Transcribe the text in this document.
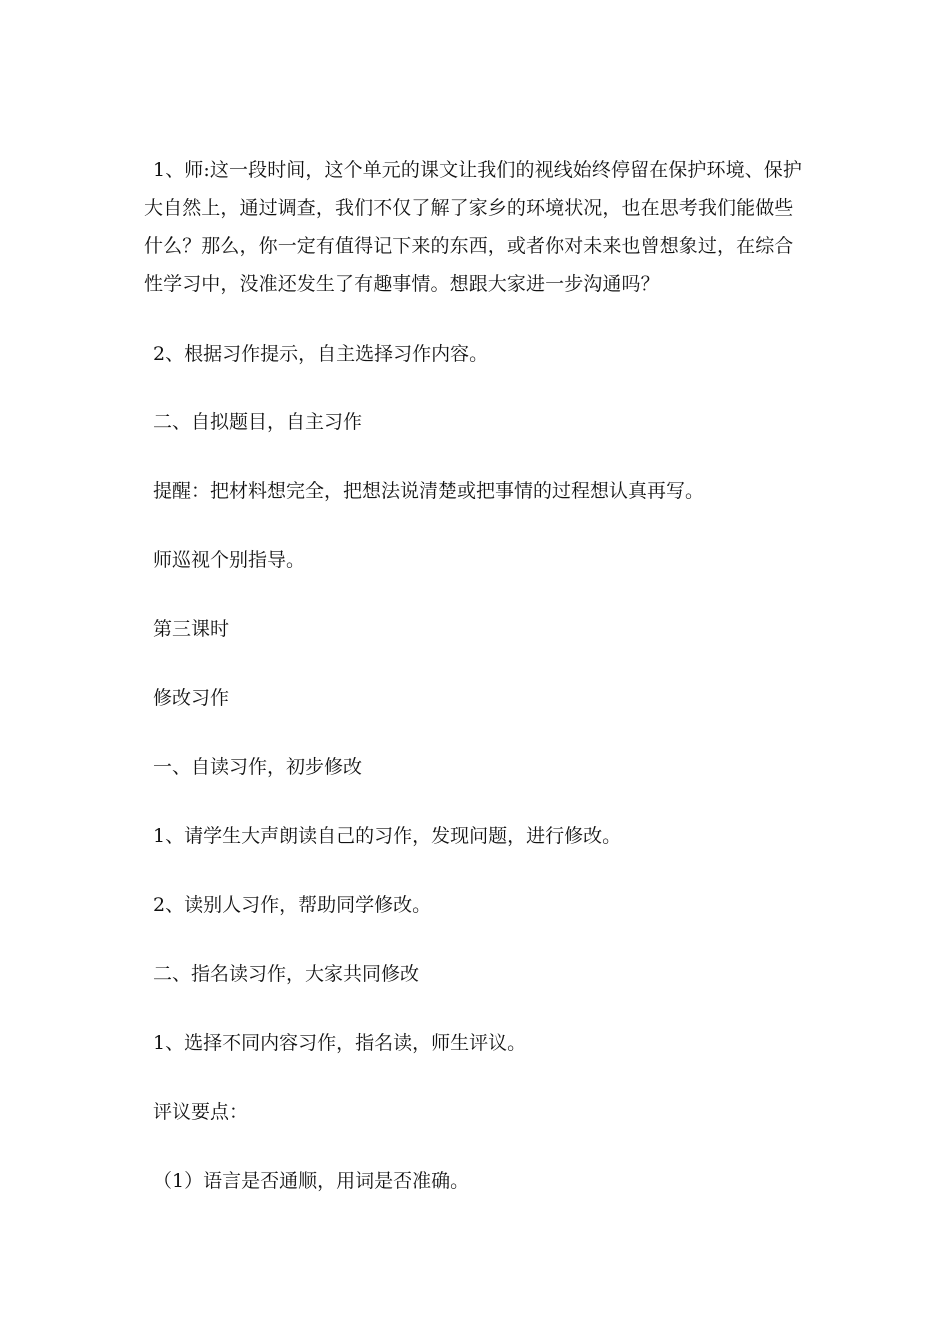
1、师:这一段时间，这个单元的课文让我们的视线始终停留在保护环境、保护
大自然上，通过调查，我们不仅了解了家乡的环境状况，也在思考我们能做些
什么？那么，你一定有值得记下来的东西，或者你对未来也曾想象过，在综合
性学习中，没准还发生了有趣事情。想跟大家进一步沟通吗？

2、根据习作提示，自主选择习作内容。

二、自拟题目，自主习作

提醒：把材料想完全，把想法说清楚或把事情的过程想认真再写。

师巡视个别指导。

第三课时

修改习作

一、自读习作，初步修改

1、请学生大声朗读自己的习作，发现问题，进行修改。

2、读别人习作，帮助同学修改。

二、指名读习作，大家共同修改

1、选择不同内容习作，指名读，师生评议。

评议要点：

（1）语言是否通顺，用词是否准确。
